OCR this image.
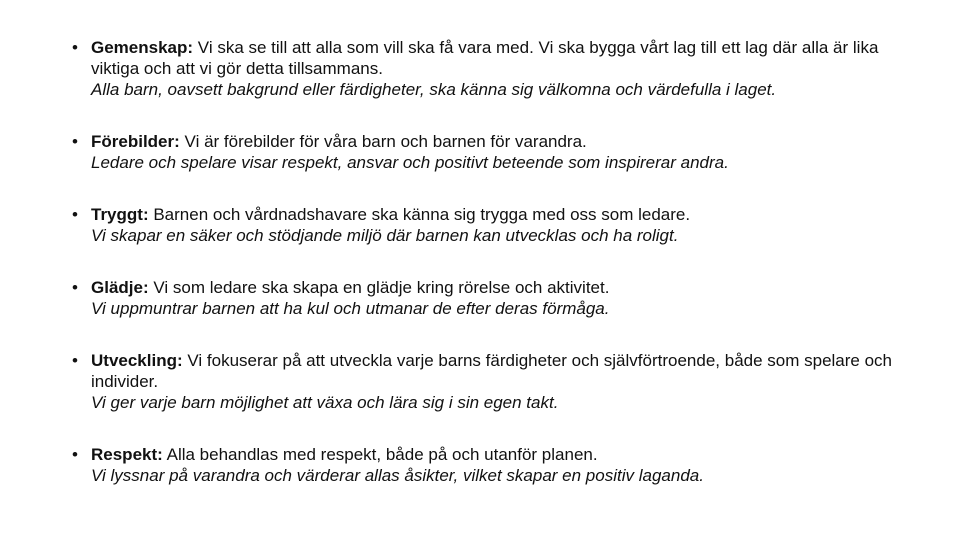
• Gemenskap: Vi ska se till att alla som vill ska få vara med. Vi ska bygga vårt lag till ett lag där alla är lika viktiga och att vi gör detta tillsammans.
Alla barn, oavsett bakgrund eller färdigheter, ska känna sig välkomna och värdefulla i laget.
• Förebilder: Vi är förebilder för våra barn och barnen för varandra.
Ledare och spelare visar respekt, ansvar och positivt beteende som inspirerar andra.
• Tryggt: Barnen och vårdnadshavare ska känna sig trygga med oss som ledare.
Vi skapar en säker och stödjande miljö där barnen kan utvecklas och ha roligt.
• Glädje: Vi som ledare ska skapa en glädje kring rörelse och aktivitet.
Vi uppmuntrar barnen att ha kul och utmanar de efter deras förmåga.
• Utveckling: Vi fokuserar på att utveckla varje barns färdigheter och självförtroende, både som spelare och individer.
Vi ger varje barn möjlighet att växa och lära sig i sin egen takt.
• Respekt: Alla behandlas med respekt, både på och utanför planen.
Vi lyssnar på varandra och värderar allas åsikter, vilket skapar en positiv laganda.
